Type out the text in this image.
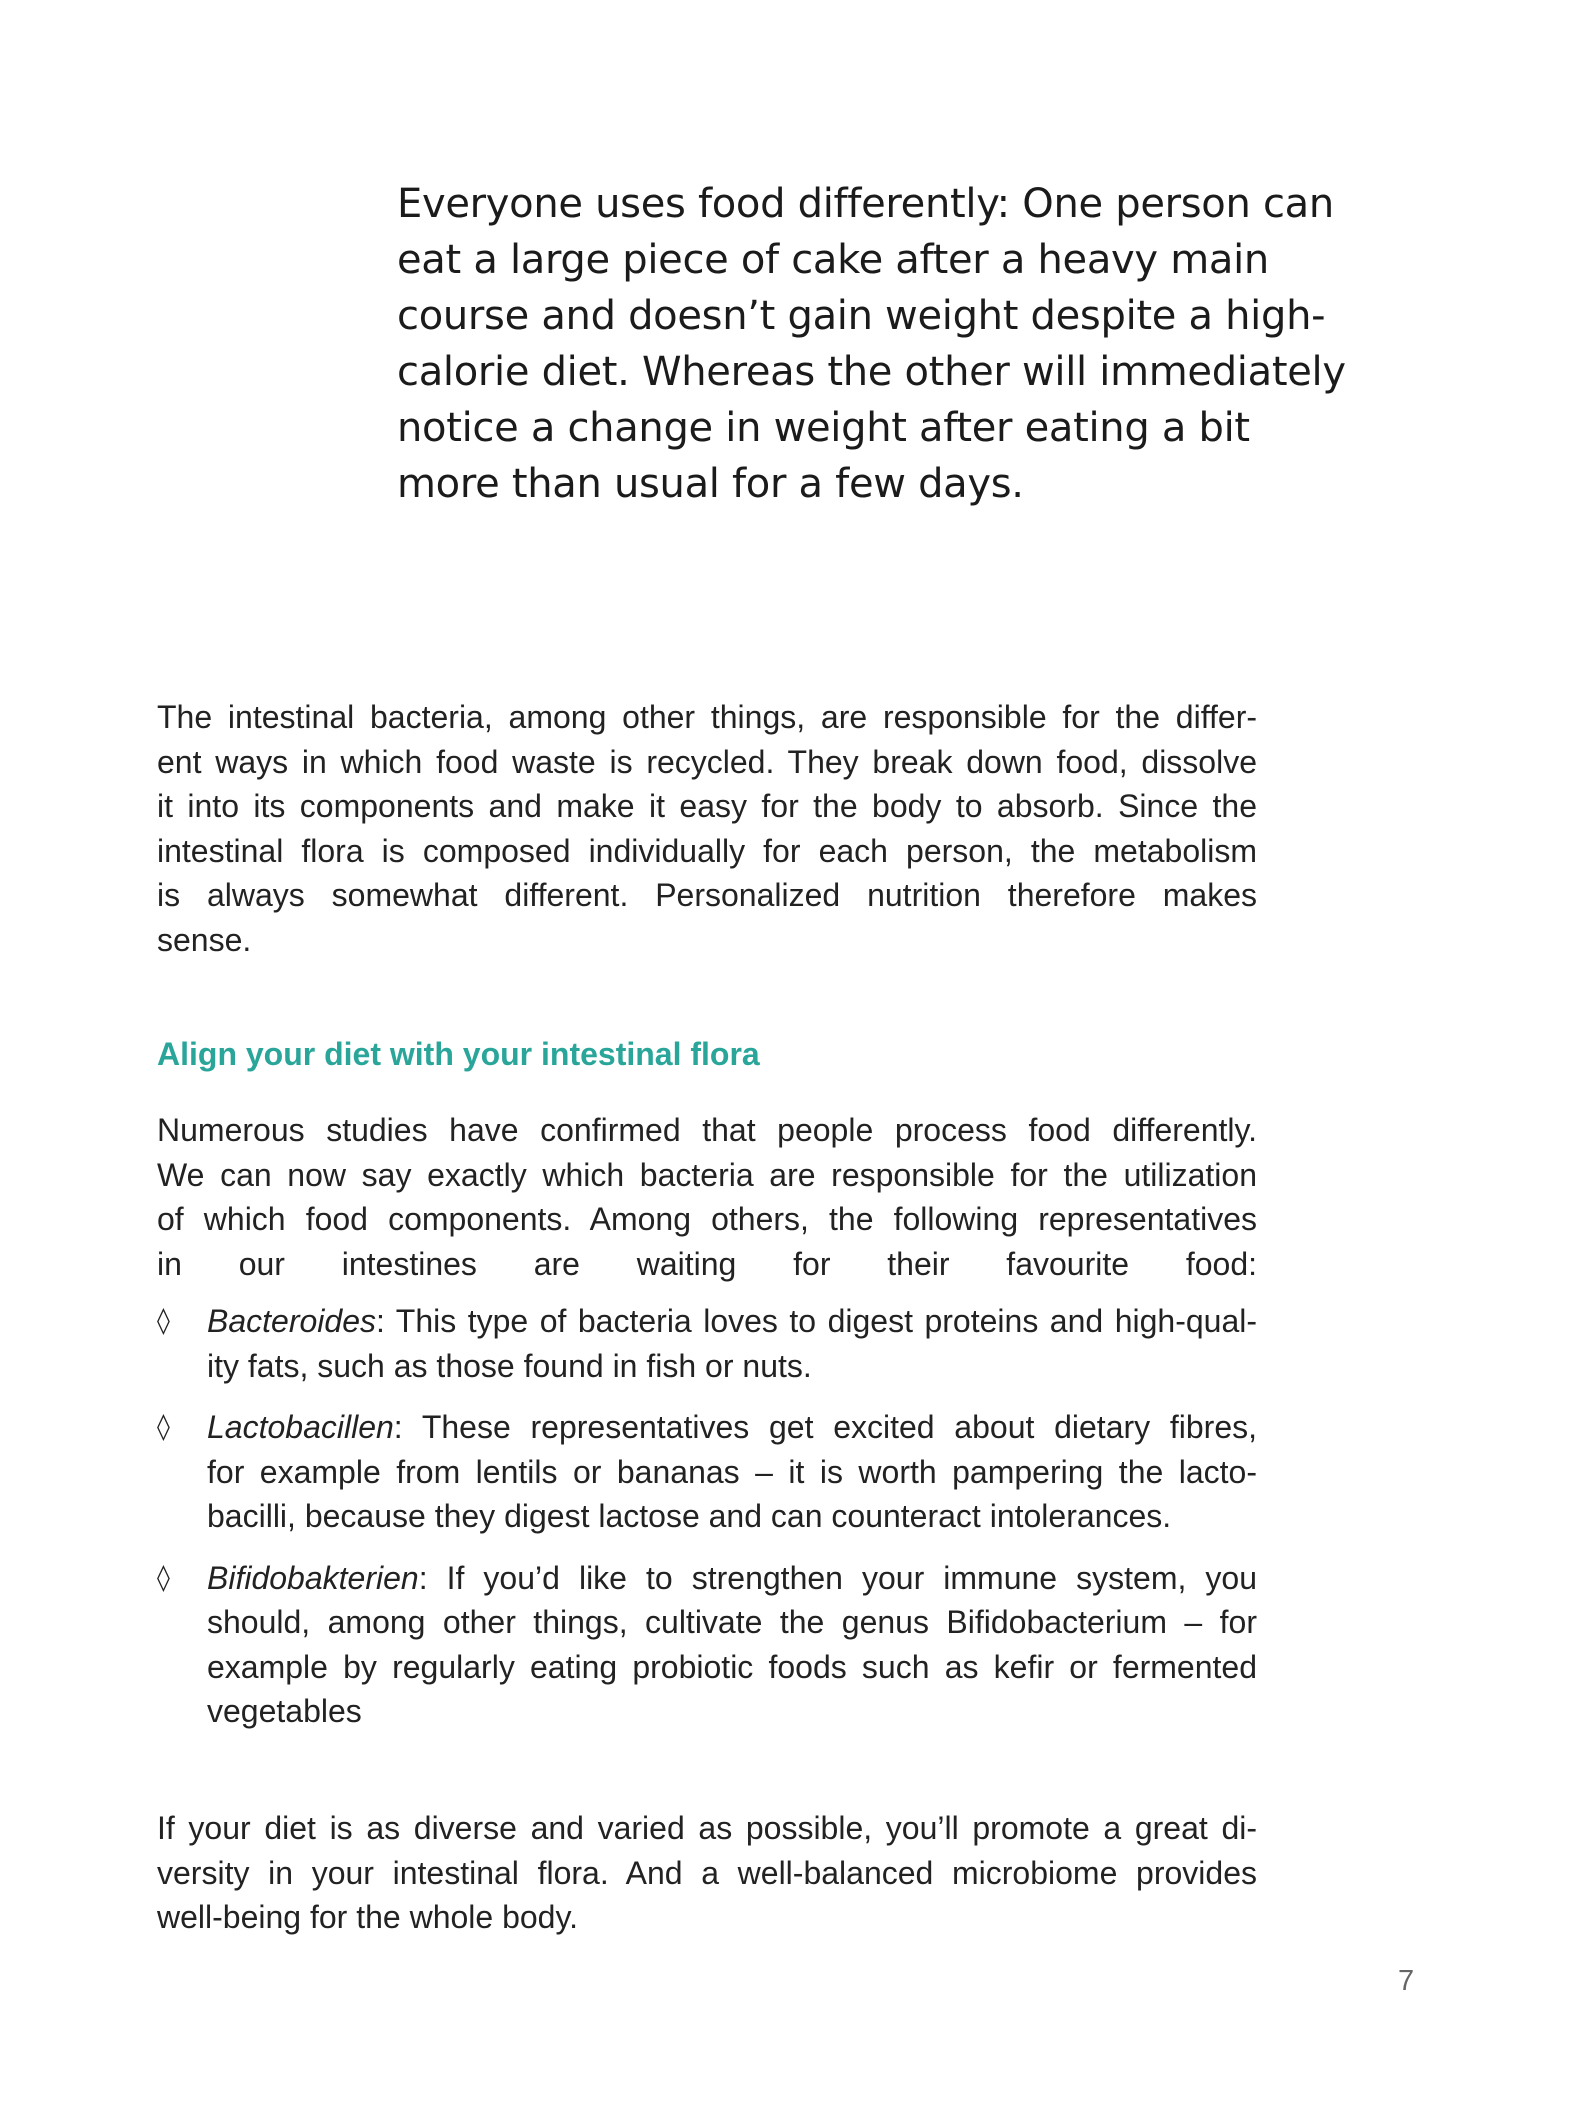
Everyone uses food differently: One person can
eat a large piece of cake after a heavy main
course and doesn’t gain weight despite a high-
calorie diet. Whereas the other will immediately
notice a change in weight after eating a bit
more than usual for a few days.

The intestinal bacteria, among other things, are responsible for the differ-
ent ways in which food waste is recycled. They break down food, dissolve
it into its components and make it easy for the body to absorb. Since the
intestinal flora is composed individually for each person, the metabolism
is always somewhat different. Personalized nutrition therefore makes
sense.

Align your diet with your intestinal flora

Numerous studies have confirmed that people process food differently.
We can now say exactly which bacteria are responsible for the utilization
of which food components. Among others, the following representatives
in our intestines are waiting for their favourite food:

◊ Bacteroides: This type of bacteria loves to digest proteins and high-qual-
ity fats, such as those found in fish or nuts.
◊ Lactobacillen: These representatives get excited about dietary fibres,
for example from lentils or bananas – it is worth pampering the lacto-
bacilli, because they digest lactose and can counteract intolerances.
◊ Bifidobakterien: If you’d like to strengthen your immune system, you
should, among other things, cultivate the genus Bifidobacterium – for
example by regularly eating probiotic foods such as kefir or fermented
vegetables

If your diet is as diverse and varied as possible, you’ll promote a great di-
versity in your intestinal flora. And a well-balanced microbiome provides
well-being for the whole body.

7
